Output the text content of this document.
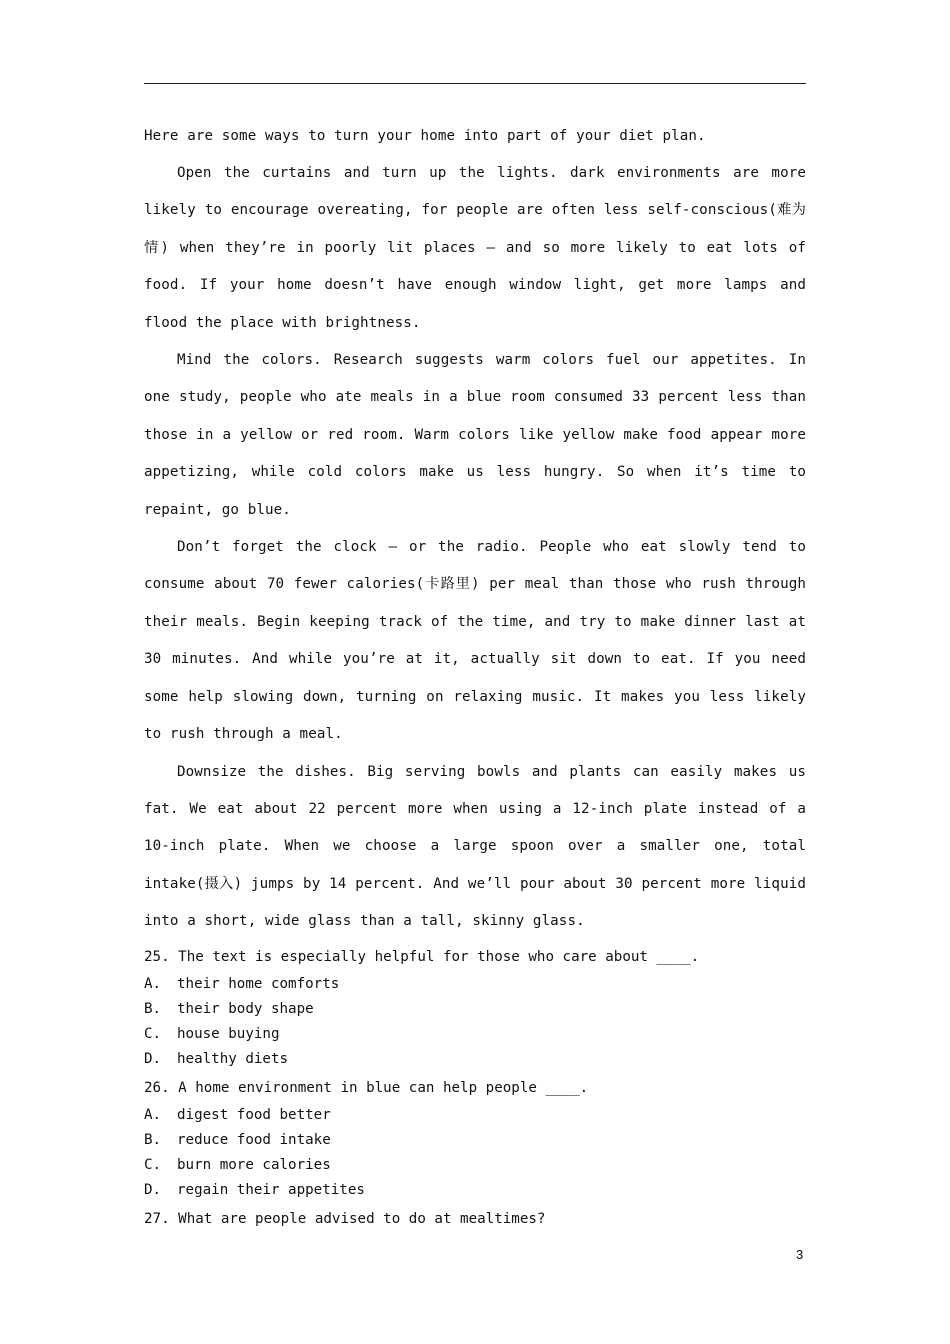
Here are some ways to turn your home into part of your diet plan.

Open the curtains and turn up the lights. dark environments are more likely to encourage overeating, for people are often less self-conscious(难为情) when they’re in poorly lit places – and so more likely to eat lots of food. If your home doesn’t have enough window light, get more lamps and flood the place with brightness.

Mind the colors. Research suggests warm colors fuel our appetites. In one study, people who ate meals in a blue room consumed 33 percent less than those in a yellow or red room. Warm colors like yellow make food appear more appetizing, while cold colors make us less hungry. So when it’s time to repaint, go blue.

Don’t forget the clock – or the radio. People who eat slowly tend to consume about 70 fewer calories(卡路里) per meal than those who rush through their meals. Begin keeping track of the time, and try to make dinner last at 30 minutes. And while you’re at it, actually sit down to eat. If you need some help slowing down, turning on relaxing music. It makes you less likely to rush through a meal.

Downsize the dishes. Big serving bowls and plants can easily makes us fat. We eat about 22 percent more when using a 12-inch plate instead of a 10-inch plate. When we choose a large spoon over a smaller one, total intake(摄入) jumps by 14 percent. And we’ll pour about 30 percent more liquid into a short, wide glass than a tall, skinny glass.

25. The text is especially helpful for those who care about ____.

A.	their home comforts
B.	their body shape
C.	house buying
D.	healthy diets

26. A home environment in blue can help people ____.

A.	digest food better
B.	reduce food intake
C.	burn more calories
D.	regain their appetites

27. What are people advised to do at mealtimes?

3
